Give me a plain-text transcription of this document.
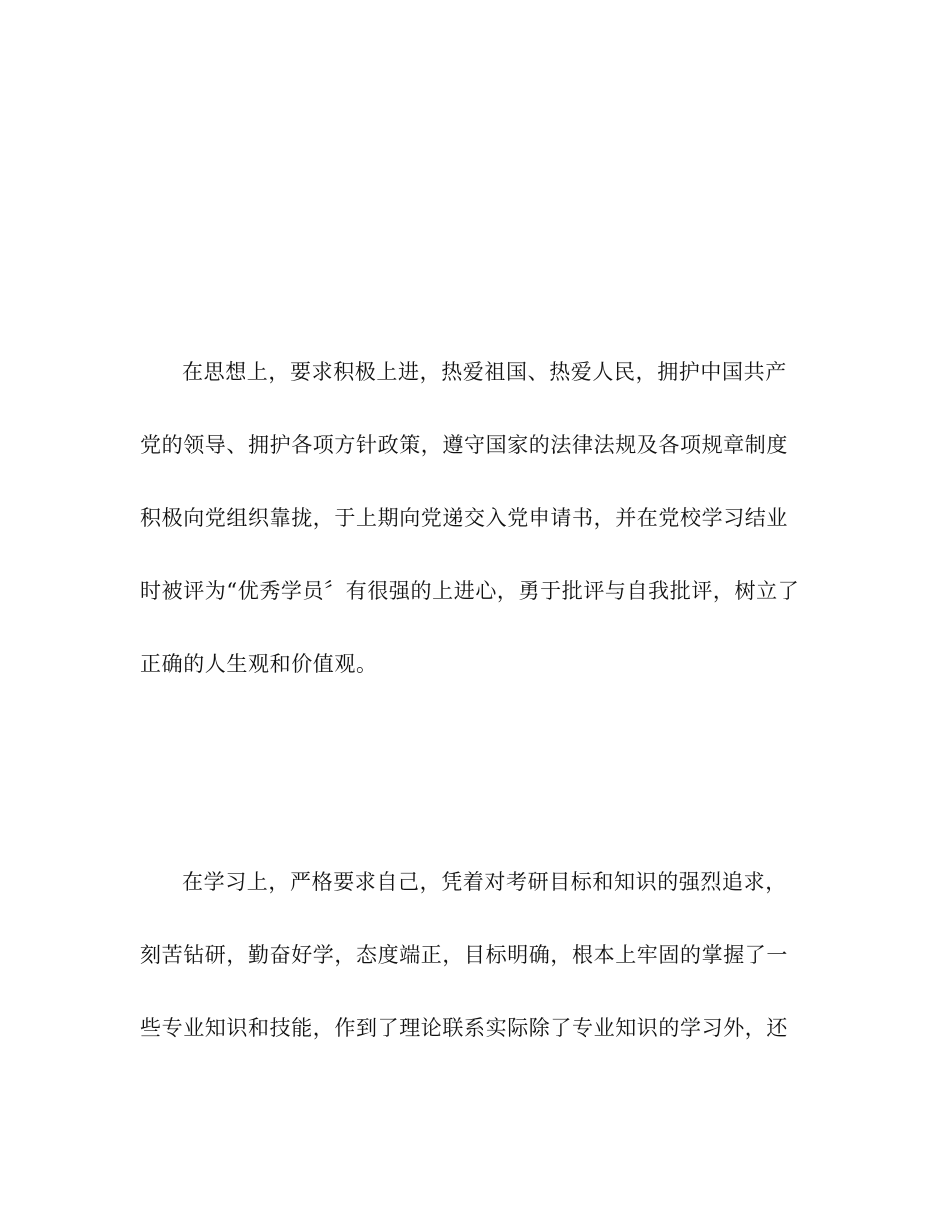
在思想上，要求积极上进，热爱祖国、热爱人民，拥护中国共产
党的领导、拥护各项方针政策，遵守国家的法律法规及各项规章制度
积极向党组织靠拢，于上期向党递交入党申请书，并在党校学习结业
时被评为“优秀学员〞有很强的上进心，勇于批评与自我批评，树立了
正确的人生观和价值观。
在学习上，严格要求自己，凭着对考研目标和知识的强烈追求，
刻苦钻研，勤奋好学，态度端正，目标明确，根本上牢固的掌握了一
些专业知识和技能，作到了理论联系实际除了专业知识的学习外，还
